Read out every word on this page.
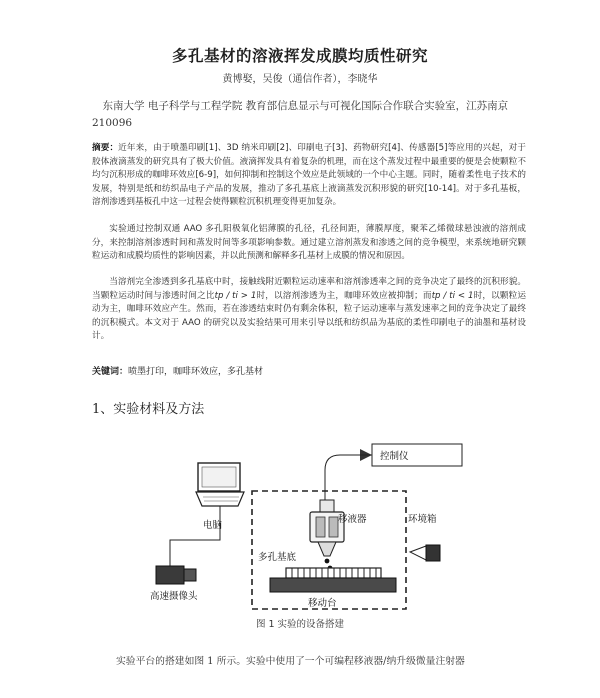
多孔基材的溶液挥发成膜均质性研究
黄博娶，吴俊（通信作者），李晓华
东南大学 电子科学与工程学院 教育部信息显示与可视化国际合作联合实验室，江苏南京 210096
摘要：近年来，由于喷墨印刷[1]、3D 纳米印刷[2]、印刷电子[3]、药物研究[4]、传感器[5]等应用的兴起，对于胶体液滴蒸发的研究具有了极大价值。液滴挥发具有着复杂的机理，而在这个蒸发过程中最重要的便是会使颗粒不均匀沉积形成的咖啡环效应[6-9]，如何抑制和控制这个效应是此领域的一个中心主题。同时，随着柔性电子技术的发展，特别是纸和纺织品电子产品的发展，推动了多孔基底上液滴蒸发沉积形貌的研究[10-14]。对于多孔基板，溶剂渗透到基板孔中这一过程会使得颗粒沉积机理变得更加复杂。
实验通过控制双通 AAO 多孔阳极氧化铝薄膜的孔径，孔径间距，薄膜厚度，聚苯乙烯微球悬浊液的溶剂成分，来控制溶剂渗透时间和蒸发时间等多项影响参数。通过建立溶剂蒸发和渗透之间的竞争模型，来系统地研究颗粒运动和成膜均质性的影响因素，并以此预测和解释多孔基材上成膜的情况和原因。
当溶剂完全渗透到多孔基底中时，接触线附近颗粒运动速率和溶剂渗透率之间的竞争决定了最终的沉积形貌。当颗粒运动时间与渗透时间之比tp / ti > 1时，以溶剂渗透为主，咖啡环效应被抑制；而tp / ti < 1时，以颗粒运动为主，咖啡环效应产生。然而，若在渗透结束时仍有剩余体积，粒子运动速率与蒸发速率之间的竞争决定了最终的沉积模式。本文对于 AAO 的研究以及实验结果可用来引导以纸和纺织品为基底的柔性印刷电子的油墨和基材设计。
关键词：喷墨打印，咖啡环效应，多孔基材
1、实验材料及方法
控制仪
电脑
高速摄像头
移液器	环境箱
多孔基底
移动台
图 1 实验的设备搭建
实验平台的搭建如图 1 所示。实验中使用了一个可编程移液器/纳升级微量注射器
